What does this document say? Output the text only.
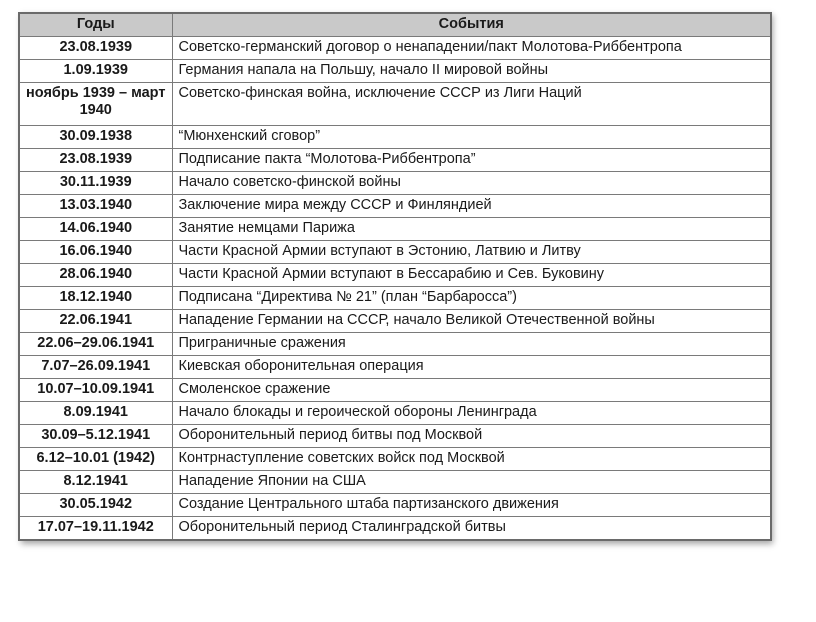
Годы	События
23.08.1939	Советско-германский договор о ненападении/пакт Молотова-Риббентропа
1.09.1939	Германия напала на Польшу, начало II мировой войны
ноябрь 1939 – март 1940	Советско-финская война, исключение СССР из Лиги Наций
30.09.1938	“Мюнхенский сговор”
23.08.1939	Подписание пакта “Молотова-Риббентропа”
30.11.1939	Начало советско-финской войны
13.03.1940	Заключение мира между СССР и Финляндией
14.06.1940	Занятие немцами Парижа
16.06.1940	Части Красной Армии вступают в Эстонию, Латвию и Литву
28.06.1940	Части Красной Армии вступают в Бессарабию и Сев. Буковину
18.12.1940	Подписана “Директива № 21” (план “Барбаросса”)
22.06.1941	Нападение Германии на СССР, начало Великой Отечественной войны
22.06–29.06.1941	Приграничные сражения
7.07–26.09.1941	Киевская оборонительная операция
10.07–10.09.1941	Смоленское сражение
8.09.1941	Начало блокады и героической обороны Ленинграда
30.09–5.12.1941	Оборонительный период битвы под Москвой
6.12–10.01 (1942)	Контрнаступление советских войск под Москвой
8.12.1941	Нападение Японии на США
30.05.1942	Создание Центрального штаба партизанского движения
17.07–19.11.1942	Оборонительный период Сталинградской битвы
